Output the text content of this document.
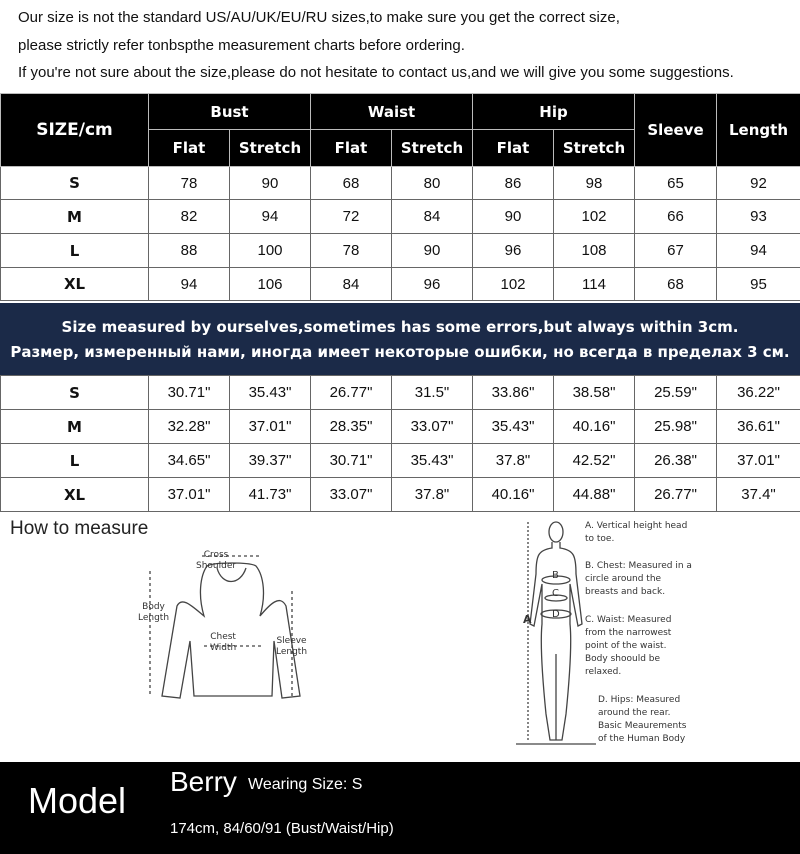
Our size is not the standard US/AU/UK/EU/RU sizes,to make sure you get the correct size,

please strictly refer tonbspthe measurement charts before ordering.

If you're not sure about the size,please do not hesitate to contact us,and we will give you some suggestions.

SIZE/cm	Bust		Waist		Hip		Sleeve	Length
	Flat	Stretch	Flat	Stretch	Flat	Stretch		
S	78	90	68	80	86	98	65	92
M	82	94	72	84	90	102	66	93
L	88	100	78	90	96	108	67	94
XL	94	106	84	96	102	114	68	95
Size measured by ourselves,sometimes has some errors,but always within 3cm.
Размер, измеренный нами, иногда имеет некоторые ошибки, но всегда в пределах 3 см.
S	30.71"	35.43"	26.77"	31.5"	33.86"	38.58"	25.59"	36.22"
M	32.28"	37.01"	28.35"	33.07"	35.43"	40.16"	25.98"	36.61"
L	34.65"	39.37"	30.71"	35.43"	37.8"	42.52"	26.38"	37.01"
XL	37.01"	41.73"	33.07"	37.8"	40.16"	44.88"	26.77"	37.4"
How to measure
Cross
Shoulder
Body
Length
Chest
Width
Sleeve
Length
A
B
C
D
A. Vertical height head
to toe.
B. Chest: Measured in a
circle around the
breasts and back.
C. Waist: Measured
from the narrowest
point of the waist.
Body shoould be
relaxed.
D. Hips: Measured
around the rear.
Basic Meaurements
of the Human Body
Model Berry Wearing Size: S
174cm, 84/60/91 (Bust/Waist/Hip)
